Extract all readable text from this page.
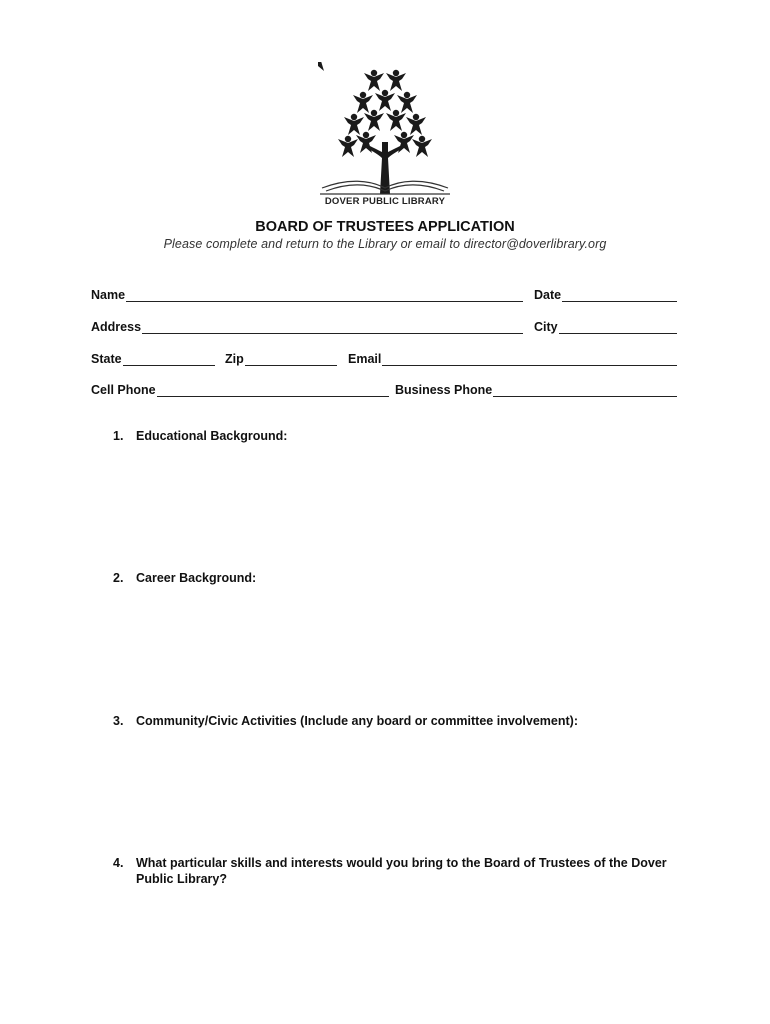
DOVER PUBLIC LIBRARY
BOARD OF TRUSTEES APPLICATION
Please complete and return to the Library or email to director@doverlibrary.org
Name	Date
Address	City
State	Zip	Email
Cell Phone	Business Phone
1.	Educational Background:
2.	Career Background:
3.	Community/Civic Activities (Include any board or committee involvement):
4.	What particular skills and interests would you bring to the Board of Trustees of the Dover Public Library?
